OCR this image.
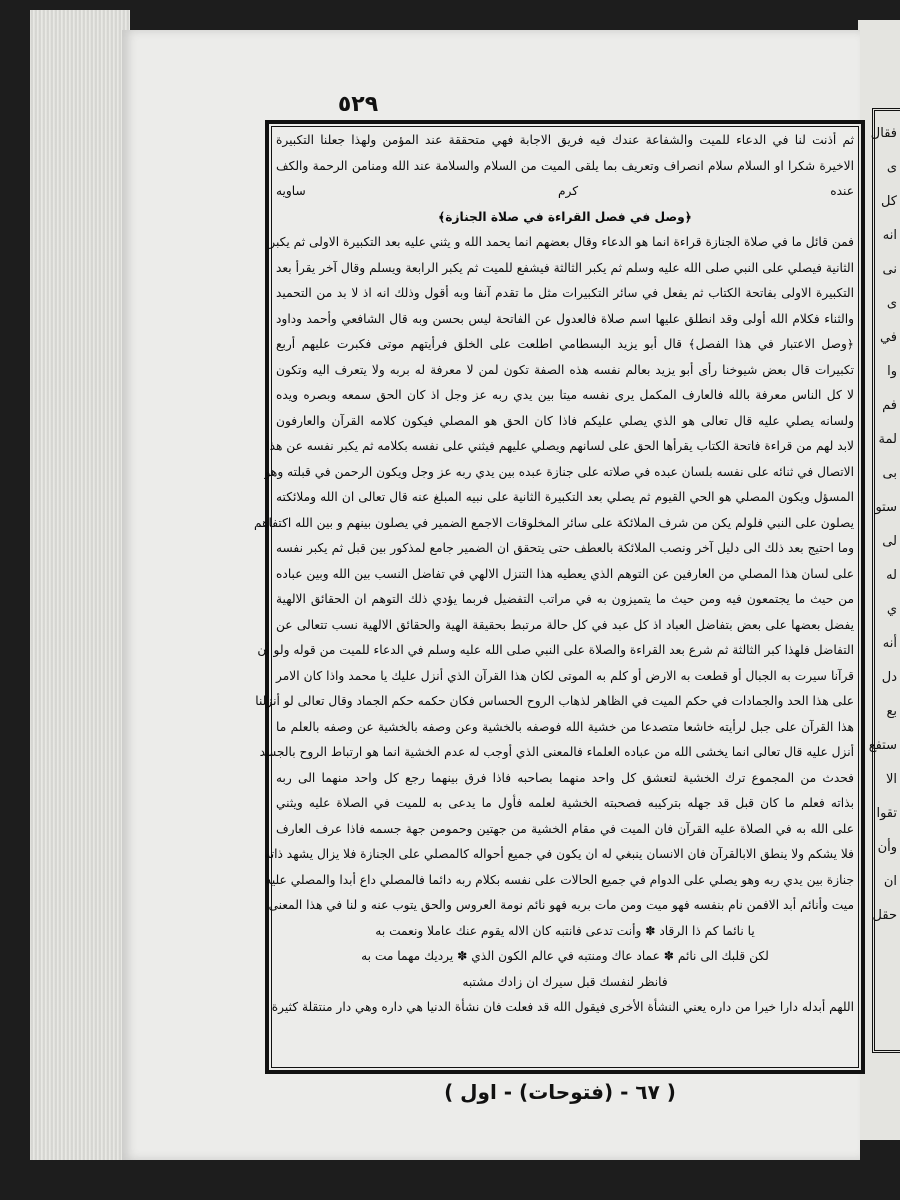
فقال
ى
كل
انه
نى
ى
في
وا
فم
لمة
بى
ستو
لى
له
ي
أنه
دل
بع
ستفع
الا
تقوا
وأن
ان
حقل
٥٢٩
ثم أذنت لنا في الدعاء للميت والشفاعة عندك فيه فريق الاجابة فهي متحققة عند المؤمن ولهذا جعلنا التكبيرة
الاخيرة شكرا او السلام سلام انصراف وتعريف بما يلقى الميت من السلام والسلامة عند الله ومنامن الرحمة والكف
عنده كرم ساويه
﴿وصل في فصل القراءة في صلاة الجنازة﴾
فمن قائل ما في صلاة الجنازة قراءة انما هو الدعاء وقال بعضهم انما يحمد الله و يثني عليه بعد التكبيرة الاولى ثم يكبر
الثانية فيصلي على النبي صلى الله عليه وسلم ثم يكبر الثالثة فيشفع للميت ثم يكبر الرابعة ويسلم وقال آخر يقرأ بعد
التكبيرة الاولى بفاتحة الكتاب ثم يفعل في سائر التكبيرات مثل ما تقدم آنفا وبه أقول وذلك انه اذ لا بد من التحميد
والثناء فكلام الله أولى وقد انطلق عليها اسم صلاة فالعدول عن الفاتحة ليس بحسن وبه قال الشافعي وأحمد وداود
﴿وصل الاعتبار في هذا الفصل﴾ قال أبو يزيد البسطامي اطلعت على الخلق فرأيتهم موتى فكبرت عليهم أربع
تكبيرات قال بعض شيوخنا رأى أبو يزيد بعالم نفسه هذه الصفة تكون لمن لا معرفة له بربه ولا يتعرف اليه وتكون
لا كل الناس معرفة بالله فالعارف المكمل يرى نفسه ميتا بين يدي ربه عز وجل اذ كان الحق سمعه وبصره ويده
ولسانه يصلي عليه قال تعالى هو الذي يصلي عليكم فاذا كان الحق هو المصلي فيكون كلامه القرآن والعارفون
لابد لهم من قراءة فاتحة الكتاب يقرأها الحق على لسانهم ويصلي عليهم فيثني على نفسه بكلامه ثم يكبر نفسه عن هذا
الاتصال في ثنائه على نفسه بلسان عبده في صلاته على جنازة عبده بين يدي ربه عز وجل ويكون الرحمن في قبلته وهو
المسؤل ويكون المصلي هو الحي القيوم ثم يصلي بعد التكبيرة الثانية على نبيه المبلغ عنه قال تعالى ان الله وملائكته
يصلون على النبي فلولم يكن من شرف الملائكة على سائر المخلوقات الاجمع الضمير في يصلون بينهم و بين الله اكتفاهم
وما احتيج بعد ذلك الى دليل آخر ونصب الملائكة بالعطف حتى يتحقق ان الضمير جامع لمذكور بين قبل ثم يكبر نفسه
على لسان هذا المصلي من العارفين عن التوهم الذي يعطيه هذا التنزل الالهي في تفاضل النسب بين الله وبين عباده
من حيث ما يجتمعون فيه ومن حيث ما يتميزون به في مراتب التفضيل فربما يؤدي ذلك التوهم ان الحقائق الالهية
يفضل بعضها على بعض بتفاضل العباد اذ كل عبد في كل حالة مرتبط بحقيقة الهية والحقائق الالهية نسب تتعالى عن
التفاضل فلهذا كبر الثالثة ثم شرع بعد القراءة والصلاة على النبي صلى الله عليه وسلم في الدعاء للميت من قوله ولو أن
قرآنا سيرت به الجبال أو قطعت به الارض أو كلم به الموتى لكان هذا القرآن الذي أنزل عليك يا محمد واذا كان الامر
على هذا الحد والجمادات في حكم الميت في الظاهر لذهاب الروح الحساس فكان حكمه حكم الجماد وقال تعالى لو أنزلنا
هذا القرآن على جبل لرأيته خاشعا متصدعا من خشية الله فوصفه بالخشية وعن وصفه بالخشية عن وصفه بالعلم ما
أنزل عليه قال تعالى انما يخشى الله من عباده العلماء فالمعنى الذي أوجب له عدم الخشية انما هو ارتباط الروح بالجسد
فحدث من المجموع ترك الخشية لتعشق كل واحد منهما بصاحبه فاذا فرق بينهما رجع كل واحد منهما الى ربه
بذاته فعلم ما كان قبل قد جهله بتركيبه فصحبته الخشية لعلمه فأول ما يدعى به للميت في الصلاة عليه ويثني
على الله به في الصلاة عليه القرآن فان الميت في مقام الخشية من جهتين وحمومن جهة جسمه فاذا عرف العارف
فلا يشكم ولا ينطق الابالقرآن فان الانسان ينبغي له ان يكون في جميع أحواله كالمصلي على الجنازة فلا يزال يشهد ذاته
جنازة بين يدي ربه وهو يصلي على الدوام في جميع الحالات على نفسه بكلام ربه دائما فالمصلي داع أبدا والمصلي عليه
ميت وأنائم أبد الافمن نام بنفسه فهو ميت ومن مات بربه فهو نائم نومة العروس والحق يتوب عنه و لنا في هذا المعنى
يا نائما كم ذا الرقاد ✽ وأنت تدعى فانتبه كان الاله يقوم عنك عاملا ونعمت به
لكن قلبك الى نائم ✽ عماد عاك ومنتبه في عالم الكون الذي ✽ يرديك مهما مت به
فانظر لنفسك قبل سيرك ان زادك مشتبه
اللهم أبدله دارا خيرا من داره يعني النشأة الأخرى فيقول الله قد فعلت فان نشأة الدنيا هي داره وهي دار منتقلة كثيرة
( ٦٧ - (فتوحات) - اول )
